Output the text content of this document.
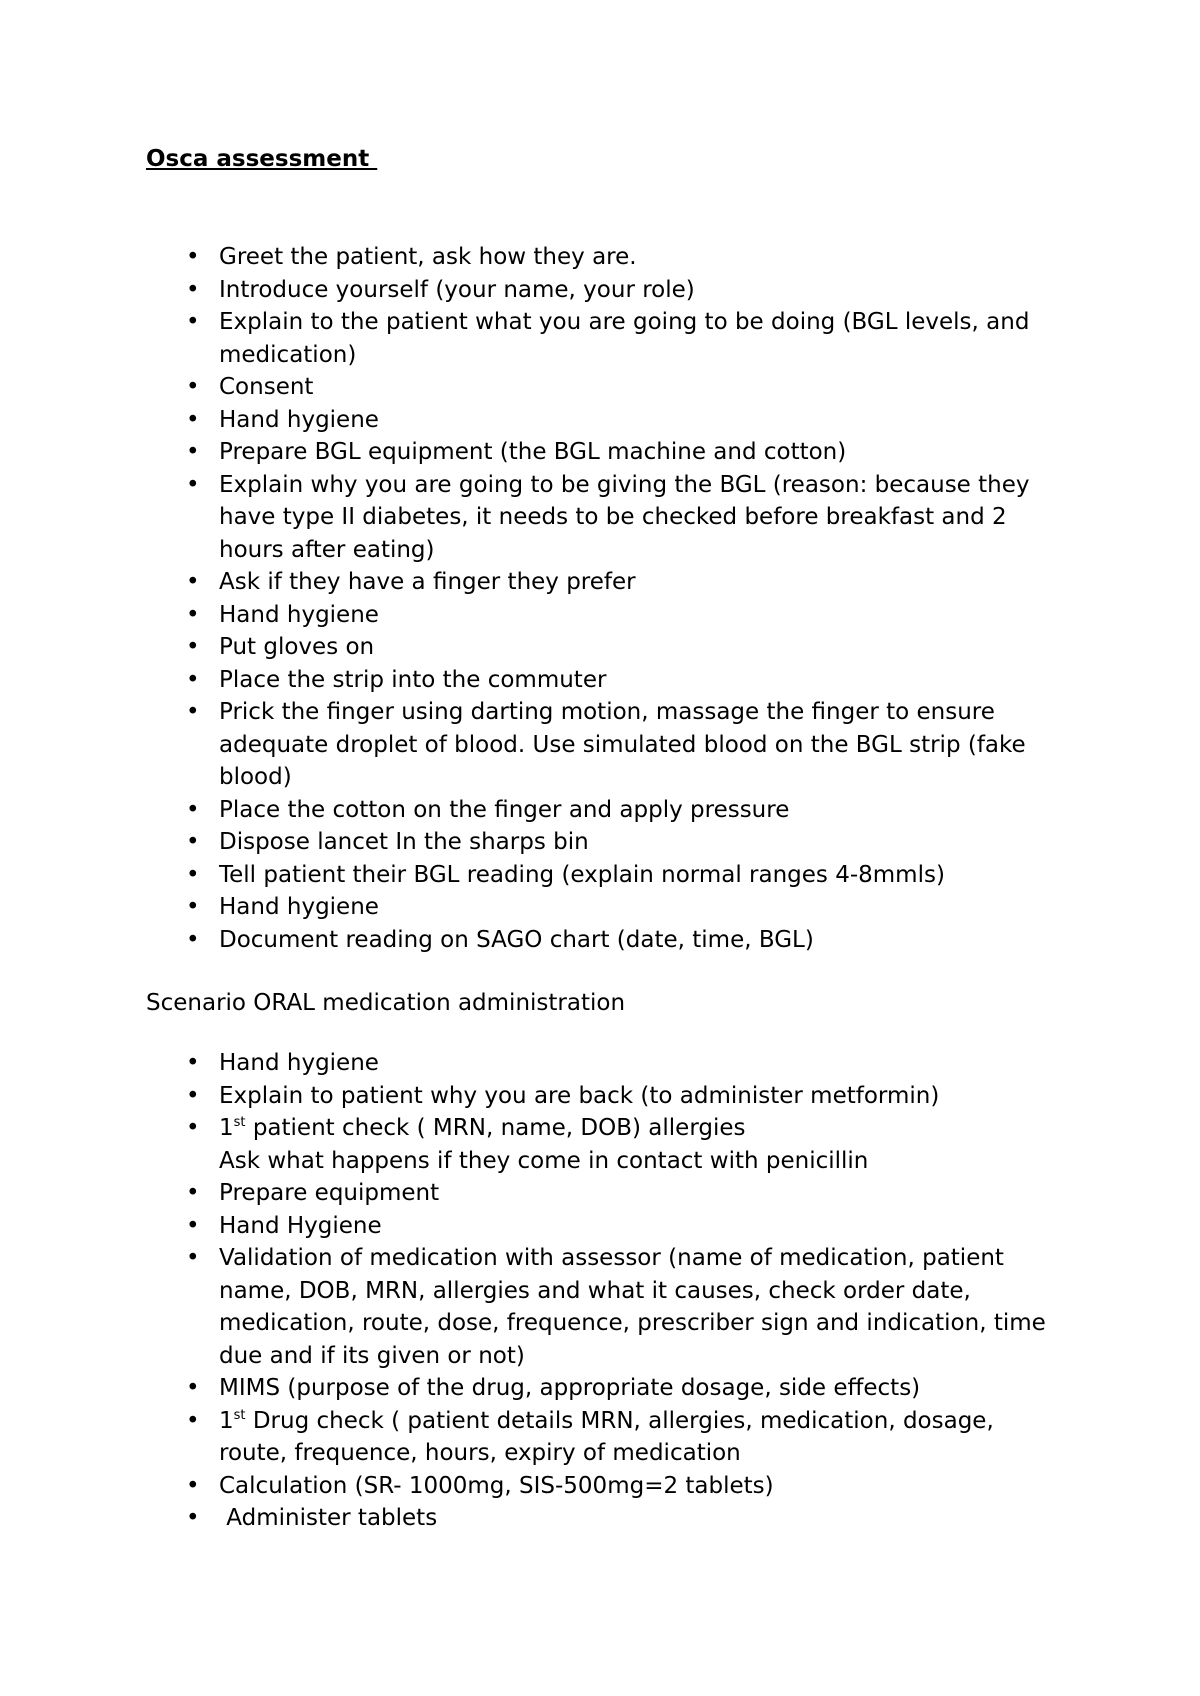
Osca assessment
• Greet the patient, ask how they are.
• Introduce yourself (your name, your role)
• Explain to the patient what you are going to be doing (BGL levels, and medication)
• Consent
• Hand hygiene
• Prepare BGL equipment (the BGL machine and cotton)
• Explain why you are going to be giving the BGL (reason: because they have type II diabetes, it needs to be checked before breakfast and 2 hours after eating)
• Ask if they have a finger they prefer
• Hand hygiene
• Put gloves on
• Place the strip into the commuter
• Prick the finger using darting motion, massage the finger to ensure adequate droplet of blood. Use simulated blood on the BGL strip (fake blood)
• Place the cotton on the finger and apply pressure
• Dispose lancet In the sharps bin
• Tell patient their BGL reading (explain normal ranges 4-8mmls)
• Hand hygiene
• Document reading on SAGO chart (date, time, BGL)
Scenario ORAL medication administration
• Hand hygiene
• Explain to patient why you are back (to administer metformin)
• 1st patient check ( MRN, name, DOB) allergies
Ask what happens if they come in contact with penicillin
• Prepare equipment
• Hand Hygiene
• Validation of medication with assessor (name of medication, patient name, DOB, MRN, allergies and what it causes, check order date, medication, route, dose, frequence, prescriber sign and indication, time due and if its given or not)
• MIMS (purpose of the drug, appropriate dosage, side effects)
• 1st Drug check ( patient details MRN, allergies, medication, dosage, route, frequence, hours, expiry of medication
• Calculation (SR- 1000mg, SIS-500mg=2 tablets)
• Administer tablets
